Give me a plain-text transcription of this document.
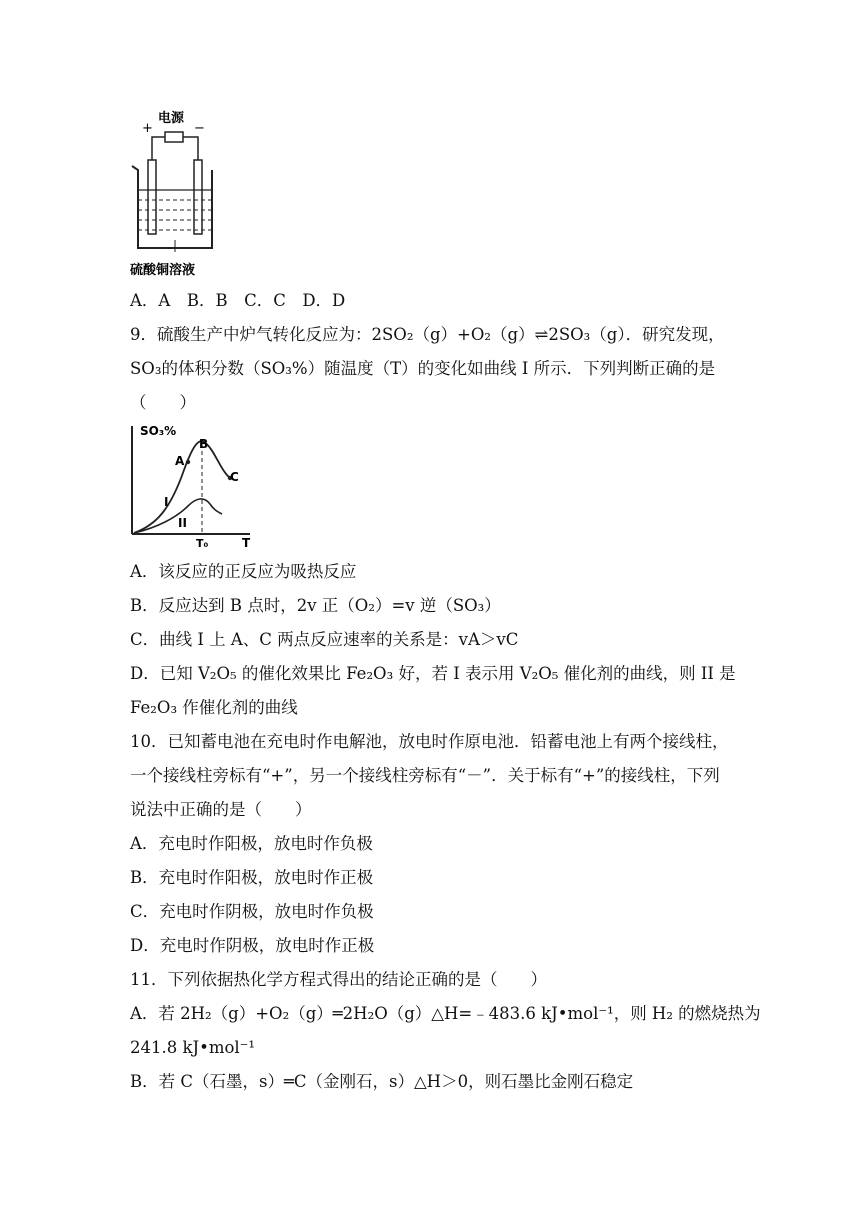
电源
+	−
硫酸铜溶液
A．A　B．B　C．C　D．D
9．硫酸生产中炉气转化反应为：2SO₂（g）+O₂（g）⇌2SO₃（g）．研究发现，
SO₃的体积分数（SO₃%）随温度（T）的变化如曲线 I 所示．下列判断正确的是
（　　）
SO₃%
A
B
C
I
II
T₀	T
A．该反应的正反应为吸热反应
B．反应达到 B 点时，2v 正（O₂）=v 逆（SO₃）
C．曲线 I 上 A、C 两点反应速率的关系是：vA＞vC
D．已知 V₂O₅ 的催化效果比 Fe₂O₃ 好，若 I 表示用 V₂O₅ 催化剂的曲线，则 II 是
Fe₂O₃ 作催化剂的曲线
10．已知蓄电池在充电时作电解池，放电时作原电池．铅蓄电池上有两个接线柱，
一个接线柱旁标有“+”，另一个接线柱旁标有“－”．关于标有“+”的接线柱，下列
说法中正确的是（　　）
A．充电时作阳极，放电时作负极
B．充电时作阳极，放电时作正极
C．充电时作阴极，放电时作负极
D．充电时作阴极，放电时作正极
11．下列依据热化学方程式得出的结论正确的是（　　）
A．若 2H₂（g）+O₂（g）═2H₂O（g）△H=﹣483.6 kJ•mol⁻¹，则 H₂ 的燃烧热为
241.8 kJ•mol⁻¹
B．若 C（石墨，s）═C（金刚石，s）△H＞0，则石墨比金刚石稳定
